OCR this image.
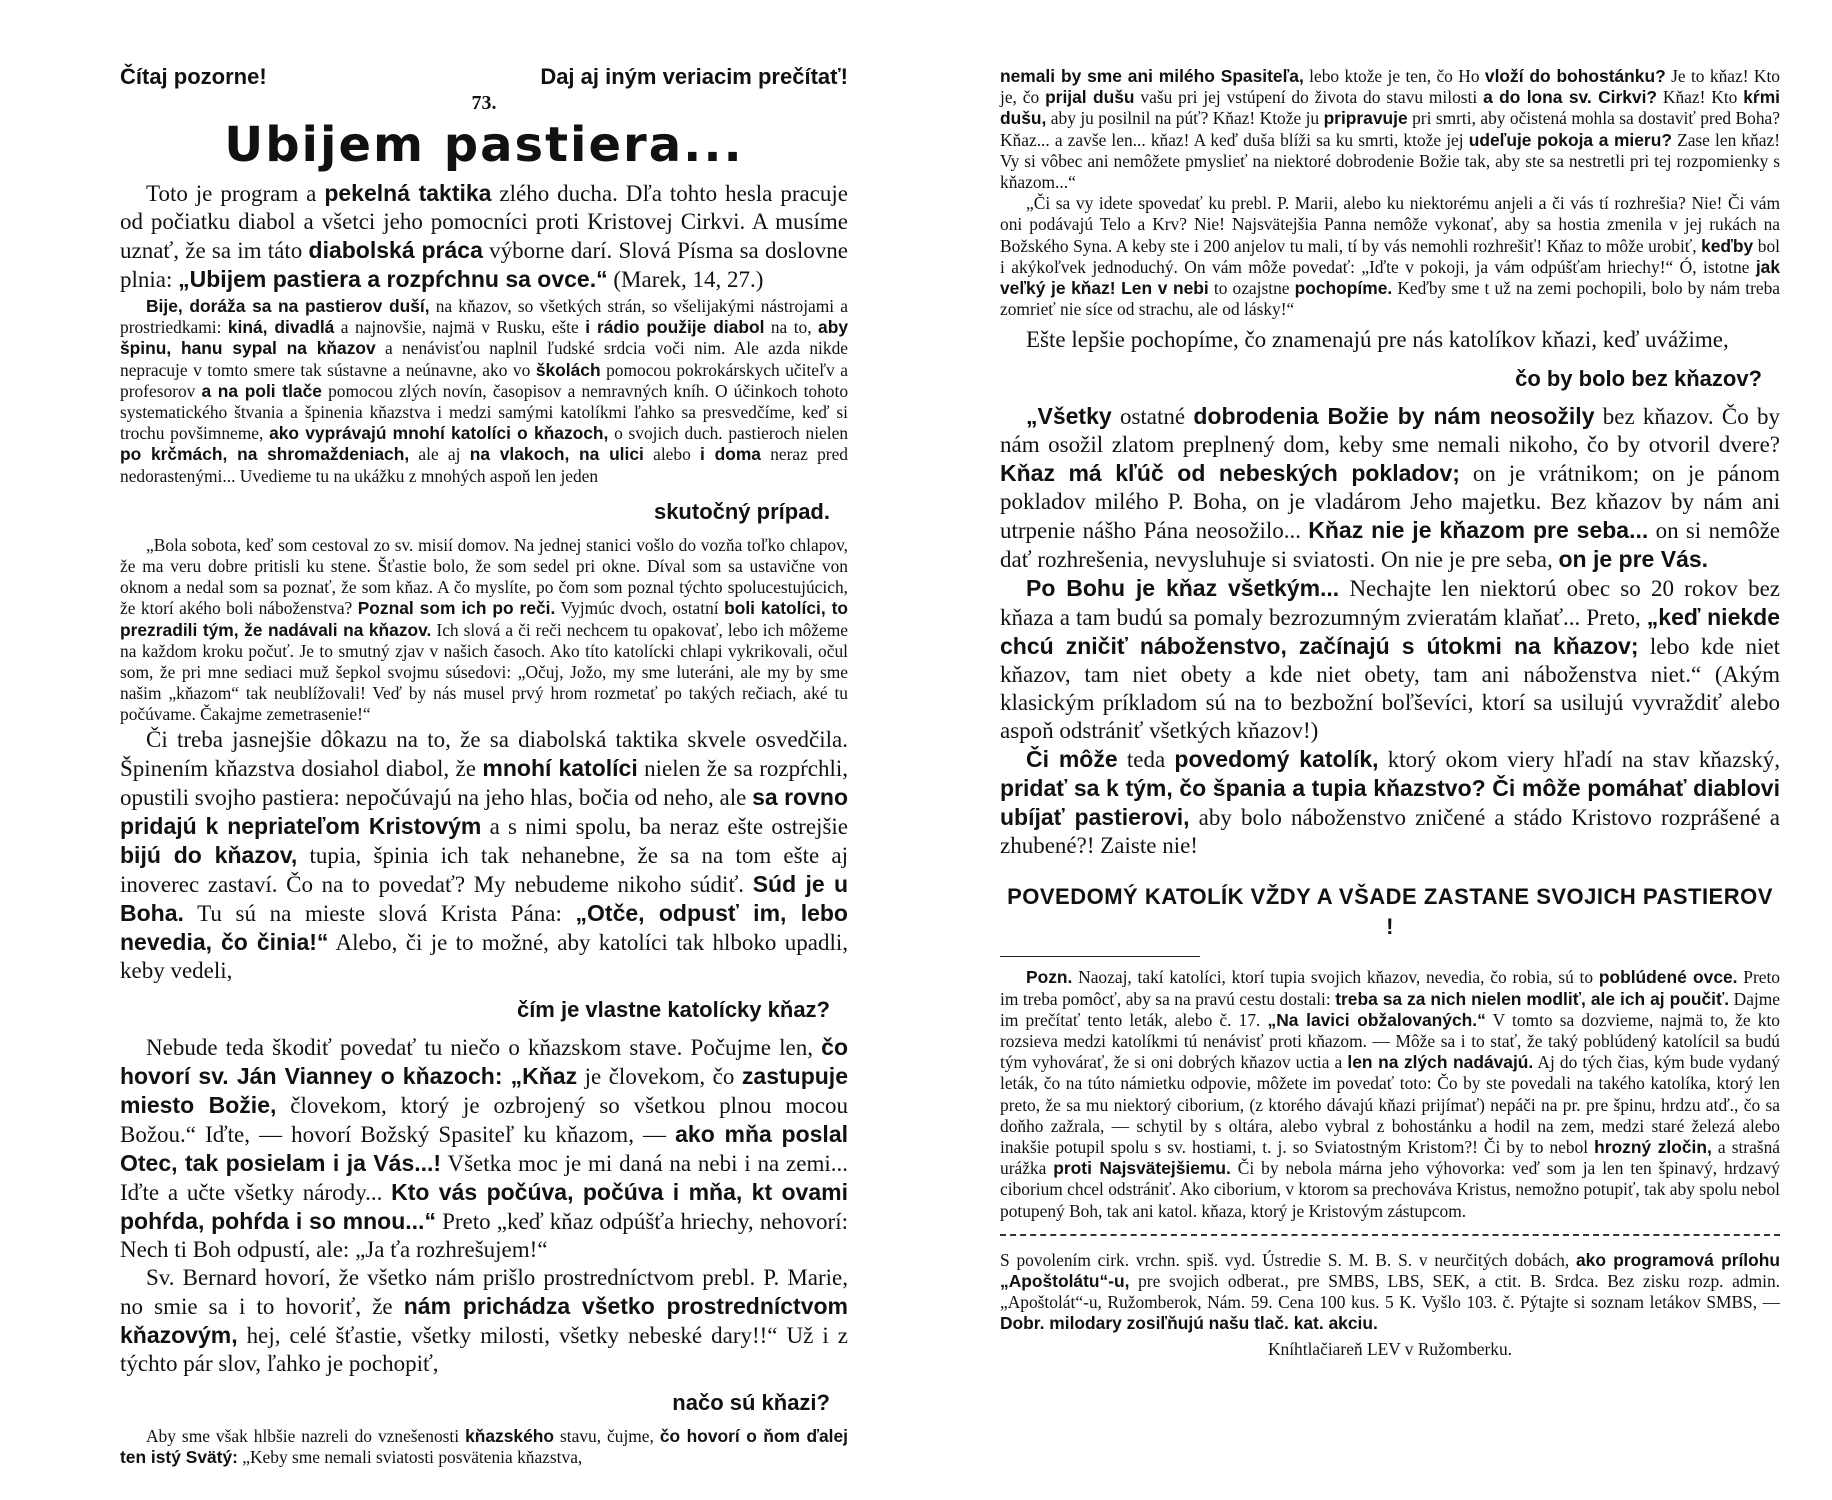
Čítaj pozorne!	Daj aj iným veriacim prečítať!
73.
Ubijem pastiera...

Toto je program a pekelná taktika zlého ducha. Dľa tohto hesla pracuje od počiatku diabol a všetci jeho pomocníci proti Kristovej Cirkvi. A musíme uznať, že sa im táto diabolská práca výborne darí. Slová Písma sa doslovne plnia: „Ubijem pastiera a rozpŕchnu sa ovce.“ (Marek, 14, 27.)

Bije, doráža sa na pastierov duší, na kňazov, so všetkých strán, so všelijakými nástrojami a prostriedkami: kiná, divadlá a najnovšie, najmä v Rusku, ešte i rádio použije diabol na to, aby špinu, hanu sypal na kňazov a nenávisťou naplnil ľudské srdcia voči nim. Ale azda nikde nepracuje v tomto smere tak sústavne a neúnavne, ako vo školách pomocou pokrokárskych učiteľv a profesorov a na poli tlače pomocou zlých novín, časopisov a nemravných kníh. O účinkoch tohoto systematického štvania a špinenia kňazstva i medzi samými katolíkmi ľahko sa presvedčíme, keď si trochu povšimneme, ako vyprávajú mnohí katolíci o kňazoch, o svojich duch. pastieroch nielen po krčmách, na shromaždeniach, ale aj na vlakoch, na ulici alebo i doma neraz pred nedorastenými... Uvedieme tu na ukážku z mnohých aspoň len jeden

skutočný prípad.

„Bola sobota, keď som cestoval zo sv. misií domov. Na jednej stanici vošlo do vozňa toľko chlapov, že ma veru dobre pritisli ku stene. Šťastie bolo, že som sedel pri okne. Díval som sa ustavične von oknom a nedal som sa poznať, že som kňaz. A čo myslíte, po čom som poznal týchto spolucestujúcich, že ktorí akého boli náboženstva? Poznal som ich po reči. Vyjmúc dvoch, ostatní boli katolíci, to prezradili tým, že nadávali na kňazov. Ich slová a či reči nechcem tu opakovať, lebo ich môžeme na každom kroku počuť. Je to smutný zjav v našich časoch. Ako títo katolícki chlapi vykrikovali, očul som, že pri mne sediaci muž šepkol svojmu súsedovi: „Očuj, Jožo, my sme luteráni, ale my by sme našim „kňazom“ tak neublížovali! Veď by nás musel prvý hrom rozmetať po takých rečiach, aké tu počúvame. Čakajme zemetrasenie!“

Či treba jasnejšie dôkazu na to, že sa diabolská taktika skvele osvedčila. Špinením kňazstva dosiahol diabol, že mnohí katolíci nielen že sa rozpŕchli, opustili svojho pastiera: nepočúvajú na jeho hlas, bočia od neho, ale sa rovno pridajú k nepriateľom Kristovým a s nimi spolu, ba neraz ešte ostrejšie bijú do kňazov, tupia, špinia ich tak nehanebne, že sa na tom ešte aj inoverec zastaví. Čo na to povedať? My nebudeme nikoho súdiť. Súd je u Boha. Tu sú na mieste slová Krista Pána: „Otče, odpusť im, lebo nevedia, čo činia!“ Alebo, či je to možné, aby katolíci tak hlboko upadli, keby vedeli,

čím je vlastne katolícky kňaz?

Nebude teda škodiť povedať tu niečo o kňazskom stave. Počujme len, čo hovorí sv. Ján Vianney o kňazoch: „Kňaz je človekom, čo zastupuje miesto Božie, človekom, ktorý je ozbrojený so všetkou plnou mocou Božou.“ Iďte, — hovorí Božský Spasiteľ ku kňazom, — ako mňa poslal Otec, tak posielam i ja Vás...! Všetka moc je mi daná na nebi i na zemi... Iďte a učte všetky národy... Kto vás počúva, počúva i mňa, kt ovami pohŕda, pohŕda i so mnou...“ Preto „keď kňaz odpúšťa hriechy, nehovorí: Nech ti Boh odpustí, ale: „Ja ťa rozhrešujem!“

Sv. Bernard hovorí, že všetko nám prišlo prostredníctvom prebl. P. Marie, no smie sa i to hovoriť, že nám prichádza všetko prostredníctvom kňazovým, hej, celé šťastie, všetky milosti, všetky nebeské dary!!“ Už i z týchto pár slov, ľahko je pochopiť,

načo sú kňazi?

Aby sme však hlbšie nazreli do vznešenosti kňazského stavu, čujme, čo hovorí o ňom ďalej ten istý Svätý: „Keby sme nemali sviatosti posvätenia kňazstva,

nemali by sme ani milého Spasiteľa, lebo ktože je ten, čo Ho vloží do bohostánku? Je to kňaz! Kto je, čo prijal dušu vašu pri jej vstúpení do života do stavu milosti a do lona sv. Cirkvi? Kňaz! Kto kŕmi dušu, aby ju posilnil na púť? Kňaz! Ktože ju pripravuje pri smrti, aby očistená mohla sa dostaviť pred Boha? Kňaz... a zavše len... kňaz! A keď duša blíži sa ku smrti, ktože jej udeľuje pokoja a mieru? Zase len kňaz! Vy si vôbec ani nemôžete pmyslieť na niektoré dobrodenie Božie tak, aby ste sa nestretli pri tej rozpomienky s kňazom...“

„Či sa vy idete spovedať ku prebl. P. Marii, alebo ku niektorému anjeli a či vás tí rozhrešia? Nie! Či vám oni podávajú Telo a Krv? Nie! Najsvätejšia Panna nemôže vykonať, aby sa hostia zmenila v jej rukách na Božského Syna. A keby ste i 200 anjelov tu mali, tí by vás nemohli rozhrešiť! Kňaz to môže urobiť, keďby bol i akýkoľvek jednoduchý. On vám môže povedať: „Iďte v pokoji, ja vám odpúšťam hriechy!“ Ó, istotne jak veľký je kňaz! Len v nebi to ozajstne pochopíme. Keďby sme t už na zemi pochopili, bolo by nám treba zomrieť nie síce od strachu, ale od lásky!“

Ešte lepšie pochopíme, čo znamenajú pre nás katolíkov kňazi, keď uvážime,

čo by bolo bez kňazov?

„Všetky ostatné dobrodenia Božie by nám neosožily bez kňazov. Čo by nám osožil zlatom preplnený dom, keby sme nemali nikoho, čo by otvoril dvere? Kňaz má kľúč od nebeských pokladov; on je vrátnikom; on je pánom pokladov milého P. Boha, on je vladárom Jeho majetku. Bez kňazov by nám ani utrpenie nášho Pána neosožilo... Kňaz nie je kňazom pre seba... on si nemôže dať rozhrešenia, nevysluhuje si sviatosti. On nie je pre seba, on je pre Vás.

Po Bohu je kňaz všetkým... Nechajte len niektorú obec so 20 rokov bez kňaza a tam budú sa pomaly bezrozumným zvieratám klaňať... Preto, „keď niekde chcú zničiť náboženstvo, začínajú s útokmi na kňazov; lebo kde niet kňazov, tam niet obety a kde niet obety, tam ani náboženstva niet.“ (Akým klasickým príkladom sú na to bezbožní boľševíci, ktorí sa usilujú vyvraždiť alebo aspoň odstrániť všetkých kňazov!)

Či môže teda povedomý katolík, ktorý okom viery hľadí na stav kňazský, pridať sa k tým, čo špania a tupia kňazstvo? Či môže pomáhať diablovi ubíjať pastierovi, aby bolo náboženstvo zničené a stádo Kristovo rozprášené a zhubené?! Zaiste nie!

POVEDOMÝ KATOLÍK VŽDY A VŠADE ZASTANE SVOJICH PASTIEROV !

Pozn. Naozaj, takí katolíci, ktorí tupia svojich kňazov, nevedia, čo robia, sú to poblúdené ovce. Preto im treba pomôcť, aby sa na pravú cestu dostali: treba sa za nich nielen modliť, ale ich aj poučiť. Dajme im prečítať tento leták, alebo č. 17. „Na lavici obžalovaných.“ V tomto sa dozvieme, najmä to, že kto rozsieva medzi katolíkmi tú nenávisť proti kňazom. — Môže sa i to stať, že taký poblúdený katolícil sa budú tým vyhovárať, že si oni dobrých kňazov uctia a len na zlých nadávajú. Aj do tých čias, kým bude vydaný leták, čo na túto námietku odpovie, môžete im povedať toto: Čo by ste povedali na takého katolíka, ktorý len preto, že sa mu niektorý ciborium, (z ktorého dávajú kňazi prijímať) nepáči na pr. pre špinu, hrdzu atď., čo sa doňho zažrala, — schytil by s oltára, alebo vybral z bohostánku a hodil na zem, medzi staré železá alebo inakšie potupil spolu s sv. hostiami, t. j. so Sviatostným Kristom?! Či by to nebol hrozný zločin, a strašná urážka proti Najsvätejšiemu. Či by nebola márna jeho výhovorka: veď som ja len ten špinavý, hrdzavý ciborium chcel odstrániť. Ako ciborium, v ktorom sa prechovávа Kristus, nemožno potupiť, tak aby spolu nebol potupený Boh, tak ani katol. kňaza, ktorý je Kristovým zástupcom.

S povolením cirk. vrchn. spiš. vyd. Ústredie S. M. B. S. v neurčitých dobách, ako programová prílohu „Apoštolátu“-u, pre svojich odberat., pre SMBS, LBS, SEK, a ctit. B. Srdca. Bez zisku rozp. admin. „Apoštolát“-u, Ružomberok, Nám. 59. Cena 100 kus. 5 K. Vyšlo 103. č. Pýtajte si soznam letákov SMBS, — Dobr. milodary zosiľňujú našu tlač. kat. akciu.

Kníhtlačiareň LEV v Ružomberku.
